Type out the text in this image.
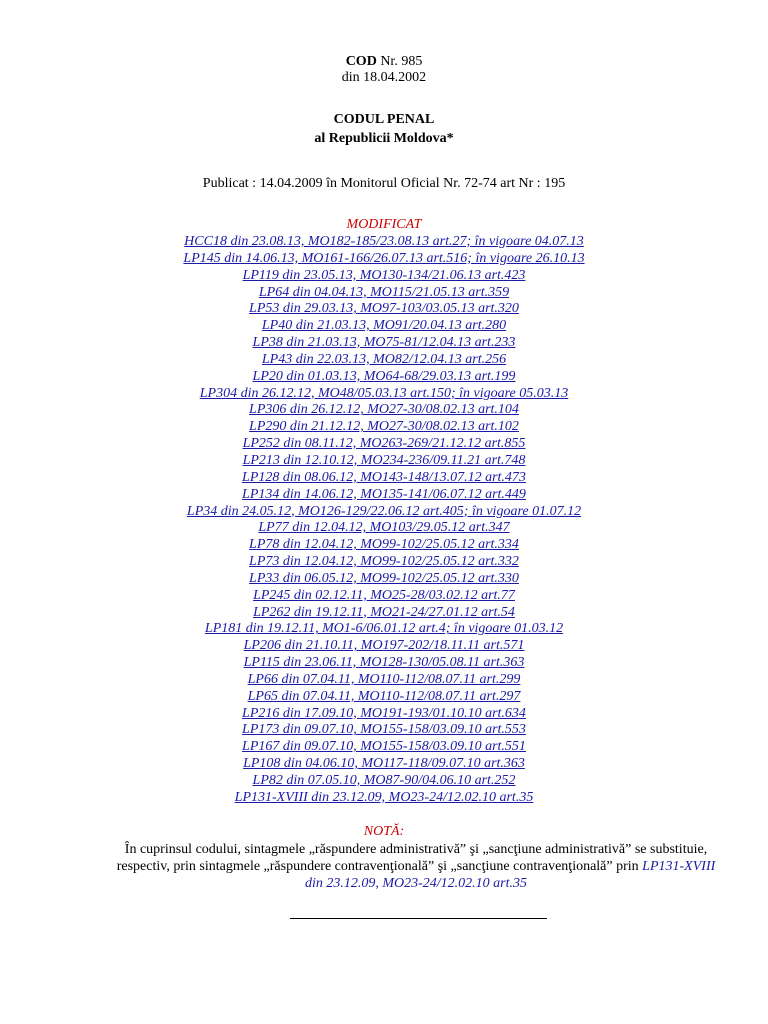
COD Nr. 985
din 18.04.2002
CODUL PENAL
al Republicii Moldova*
Publicat : 14.04.2009 în Monitorul Oficial Nr. 72-74 art Nr : 195
MODIFICAT
HCC18 din 23.08.13, MO182-185/23.08.13 art.27; în vigoare 04.07.13
LP145 din 14.06.13, MO161-166/26.07.13 art.516; în vigoare 26.10.13
LP119 din 23.05.13, MO130-134/21.06.13 art.423
LP64 din 04.04.13, MO115/21.05.13 art.359
LP53 din 29.03.13, MO97-103/03.05.13 art.320
LP40 din 21.03.13, MO91/20.04.13 art.280
LP38 din 21.03.13, MO75-81/12.04.13 art.233
LP43 din 22.03.13, MO82/12.04.13 art.256
LP20 din 01.03.13, MO64-68/29.03.13 art.199
LP304 din 26.12.12, MO48/05.03.13 art.150; în vigoare 05.03.13
LP306 din 26.12.12, MO27-30/08.02.13 art.104
LP290 din 21.12.12, MO27-30/08.02.13 art.102
LP252 din 08.11.12, MO263-269/21.12.12 art.855
LP213 din 12.10.12, MO234-236/09.11.21 art.748
LP128 din 08.06.12, MO143-148/13.07.12 art.473
LP134 din 14.06.12, MO135-141/06.07.12 art.449
LP34 din 24.05.12, MO126-129/22.06.12 art.405; în vigoare 01.07.12
LP77 din 12.04.12, MO103/29.05.12 art.347
LP78 din 12.04.12, MO99-102/25.05.12 art.334
LP73 din 12.04.12, MO99-102/25.05.12 art.332
LP33 din 06.05.12, MO99-102/25.05.12 art.330
LP245 din 02.12.11, MO25-28/03.02.12 art.77
LP262 din 19.12.11, MO21-24/27.01.12 art.54
LP181 din 19.12.11, MO1-6/06.01.12 art.4; în vigoare 01.03.12
LP206 din 21.10.11, MO197-202/18.11.11 art.571
LP115 din 23.06.11, MO128-130/05.08.11 art.363
LP66 din 07.04.11, MO110-112/08.07.11 art.299
LP65 din 07.04.11, MO110-112/08.07.11 art.297
LP216 din 17.09.10, MO191-193/01.10.10 art.634
LP173 din 09.07.10, MO155-158/03.09.10 art.553
LP167 din 09.07.10, MO155-158/03.09.10 art.551
LP108 din 04.06.10, MO117-118/09.07.10 art.363
LP82 din 07.05.10, MO87-90/04.06.10 art.252
LP131-XVIII din 23.12.09, MO23-24/12.02.10 art.35
NOTĂ:
În cuprinsul codului, sintagmele „răspundere administrativă” şi „sancţiune administrativă” se substituie, respectiv, prin sintagmele „răspundere contravenţională” şi „sancţiune contravenţională” prin LP131-XVIII din 23.12.09, MO23-24/12.02.10 art.35
